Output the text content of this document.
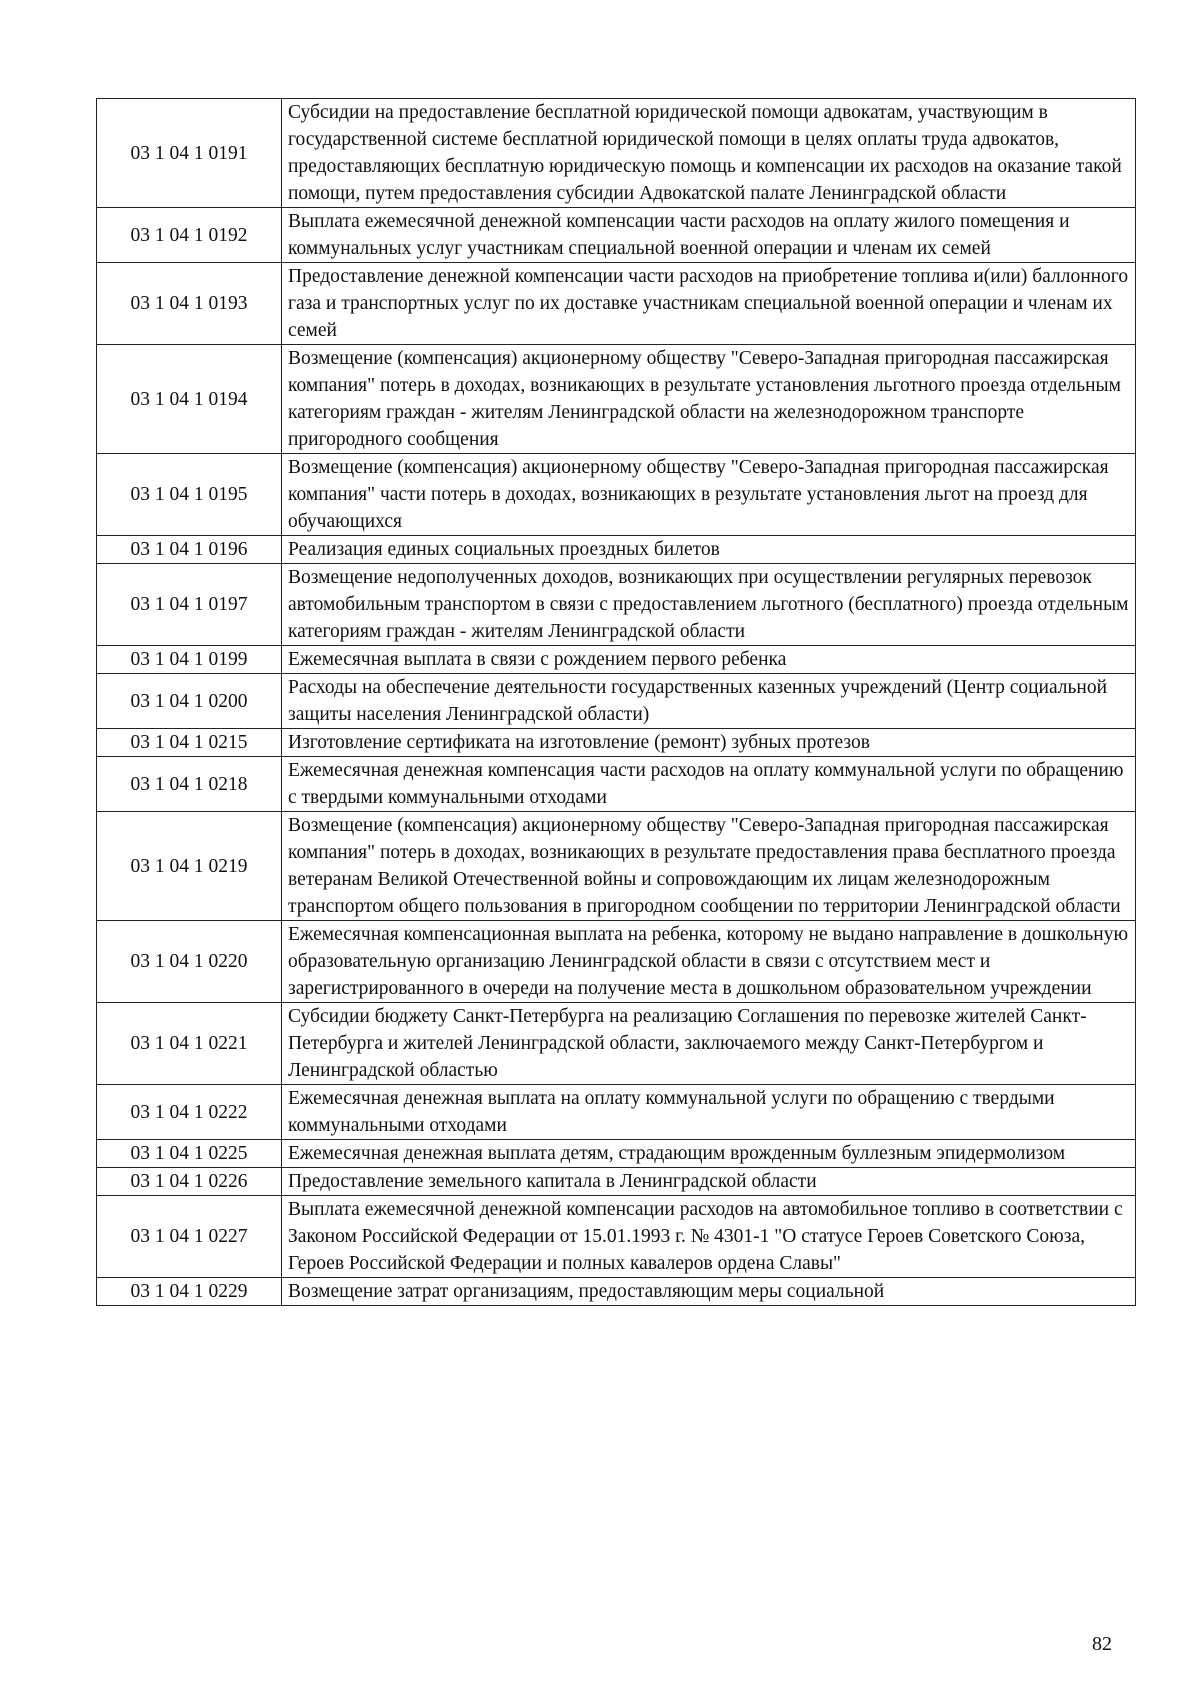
03 1 04 1 0191	Субсидии на предоставление бесплатной юридической помощи адвокатам, участвующим в государственной системе бесплатной юридической помощи в целях оплаты труда адвокатов, предоставляющих бесплатную юридическую помощь и компенсации их расходов на оказание такой помощи, путем предоставления субсидии Адвокатской палате Ленинградской области
03 1 04 1 0192	Выплата ежемесячной денежной компенсации части расходов на оплату жилого помещения и коммунальных услуг участникам специальной военной операции и членам их семей
03 1 04 1 0193	Предоставление денежной компенсации части расходов на приобретение топлива и(или) баллонного газа и транспортных услуг по их доставке участникам специальной военной операции и членам их семей
03 1 04 1 0194	Возмещение (компенсация) акционерному обществу "Северо-Западная пригородная пассажирская компания" потерь в доходах, возникающих в результате установления льготного проезда отдельным категориям граждан - жителям Ленинградской области на железнодорожном транспорте пригородного сообщения
03 1 04 1 0195	Возмещение (компенсация) акционерному обществу "Северо-Западная пригородная пассажирская компания" части потерь в доходах, возникающих в результате установления льгот на проезд для обучающихся
03 1 04 1 0196	Реализация единых социальных проездных билетов
03 1 04 1 0197	Возмещение недополученных доходов, возникающих при осуществлении регулярных перевозок автомобильным транспортом в связи с предоставлением льготного (бесплатного) проезда отдельным категориям граждан - жителям Ленинградской области
03 1 04 1 0199	Ежемесячная выплата в связи с рождением первого ребенка
03 1 04 1 0200	Расходы на обеспечение деятельности государственных казенных учреждений (Центр социальной защиты населения Ленинградской области)
03 1 04 1 0215	Изготовление сертификата на изготовление (ремонт) зубных протезов
03 1 04 1 0218	Ежемесячная денежная компенсация части расходов на оплату коммунальной услуги по обращению с твердыми коммунальными отходами
03 1 04 1 0219	Возмещение (компенсация) акционерному обществу "Северо-Западная пригородная пассажирская компания" потерь в доходах, возникающих в результате предоставления права бесплатного проезда ветеранам Великой Отечественной войны и сопровождающим их лицам железнодорожным транспортом общего пользования в пригородном сообщении по территории Ленинградской области
03 1 04 1 0220	Ежемесячная компенсационная выплата на ребенка, которому не выдано направление в дошкольную образовательную организацию Ленинградской области в связи с отсутствием мест и зарегистрированного в очереди на получение места в дошкольном образовательном учреждении
03 1 04 1 0221	Субсидии бюджету Санкт-Петербурга на реализацию Соглашения по перевозке жителей Санкт-Петербурга и жителей Ленинградской области, заключаемого между Санкт-Петербургом и Ленинградской областью
03 1 04 1 0222	Ежемесячная денежная выплата на оплату коммунальной услуги по обращению с твердыми коммунальными отходами
03 1 04 1 0225	Ежемесячная денежная выплата детям, страдающим врожденным буллезным эпидермолизом
03 1 04 1 0226	Предоставление земельного капитала в Ленинградской области
03 1 04 1 0227	Выплата ежемесячной денежной компенсации расходов на автомобильное топливо в соответствии с Законом Российской Федерации от 15.01.1993 г. № 4301-1 "О статусе Героев Советского Союза, Героев Российской Федерации и полных кавалеров ордена Славы"
03 1 04 1 0229	Возмещение затрат организациям, предоставляющим меры социальной
82
